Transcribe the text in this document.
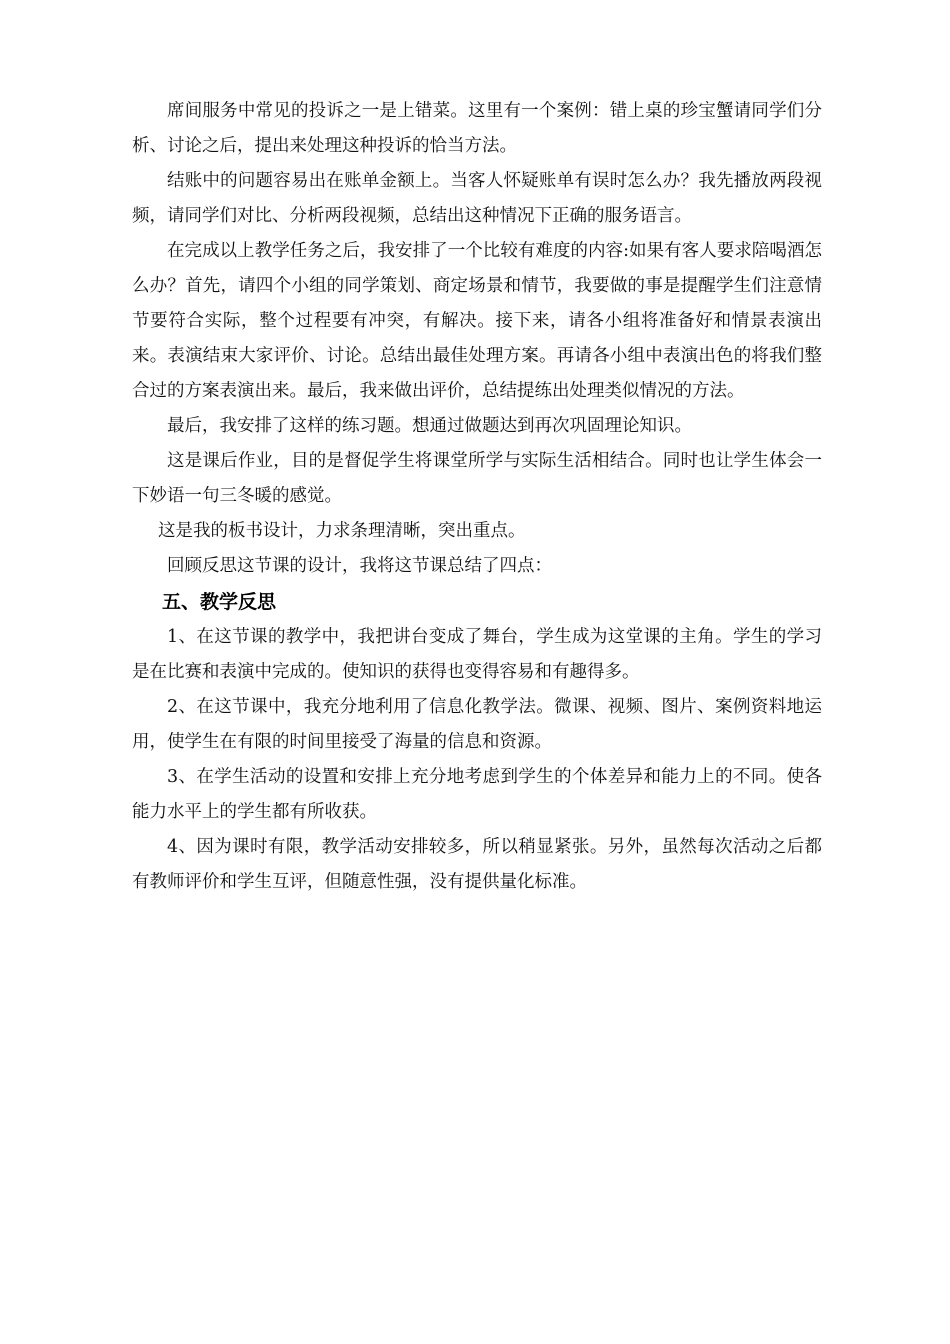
席间服务中常见的投诉之一是上错菜。这里有一个案例：错上桌的珍宝蟹请同学们分析、讨论之后，提出来处理这种投诉的恰当方法。

结账中的问题容易出在账单金额上。当客人怀疑账单有误时怎么办？我先播放两段视频，请同学们对比、分析两段视频，总结出这种情况下正确的服务语言。

在完成以上教学任务之后，我安排了一个比较有难度的内容:如果有客人要求陪喝酒怎么办？首先，请四个小组的同学策划、商定场景和情节，我要做的事是提醒学生们注意情节要符合实际，整个过程要有冲突，有解决。接下来，请各小组将准备好和情景表演出来。表演结束大家评价、讨论。总结出最佳处理方案。再请各小组中表演出色的将我们整合过的方案表演出来。最后，我来做出评价，总结提练出处理类似情况的方法。

最后，我安排了这样的练习题。想通过做题达到再次巩固理论知识。

这是课后作业，目的是督促学生将课堂所学与实际生活相结合。同时也让学生体会一下妙语一句三冬暖的感觉。

这是我的板书设计，力求条理清晰，突出重点。

回顾反思这节课的设计，我将这节课总结了四点：

五、教学反思

1、在这节课的教学中，我把讲台变成了舞台，学生成为这堂课的主角。学生的学习是在比赛和表演中完成的。使知识的获得也变得容易和有趣得多。

2、在这节课中，我充分地利用了信息化教学法。微课、视频、图片、案例资料地运用，使学生在有限的时间里接受了海量的信息和资源。

3、在学生活动的设置和安排上充分地考虑到学生的个体差异和能力上的不同。使各能力水平上的学生都有所收获。

4、因为课时有限，教学活动安排较多，所以稍显紧张。另外，虽然每次活动之后都有教师评价和学生互评，但随意性强，没有提供量化标准。
